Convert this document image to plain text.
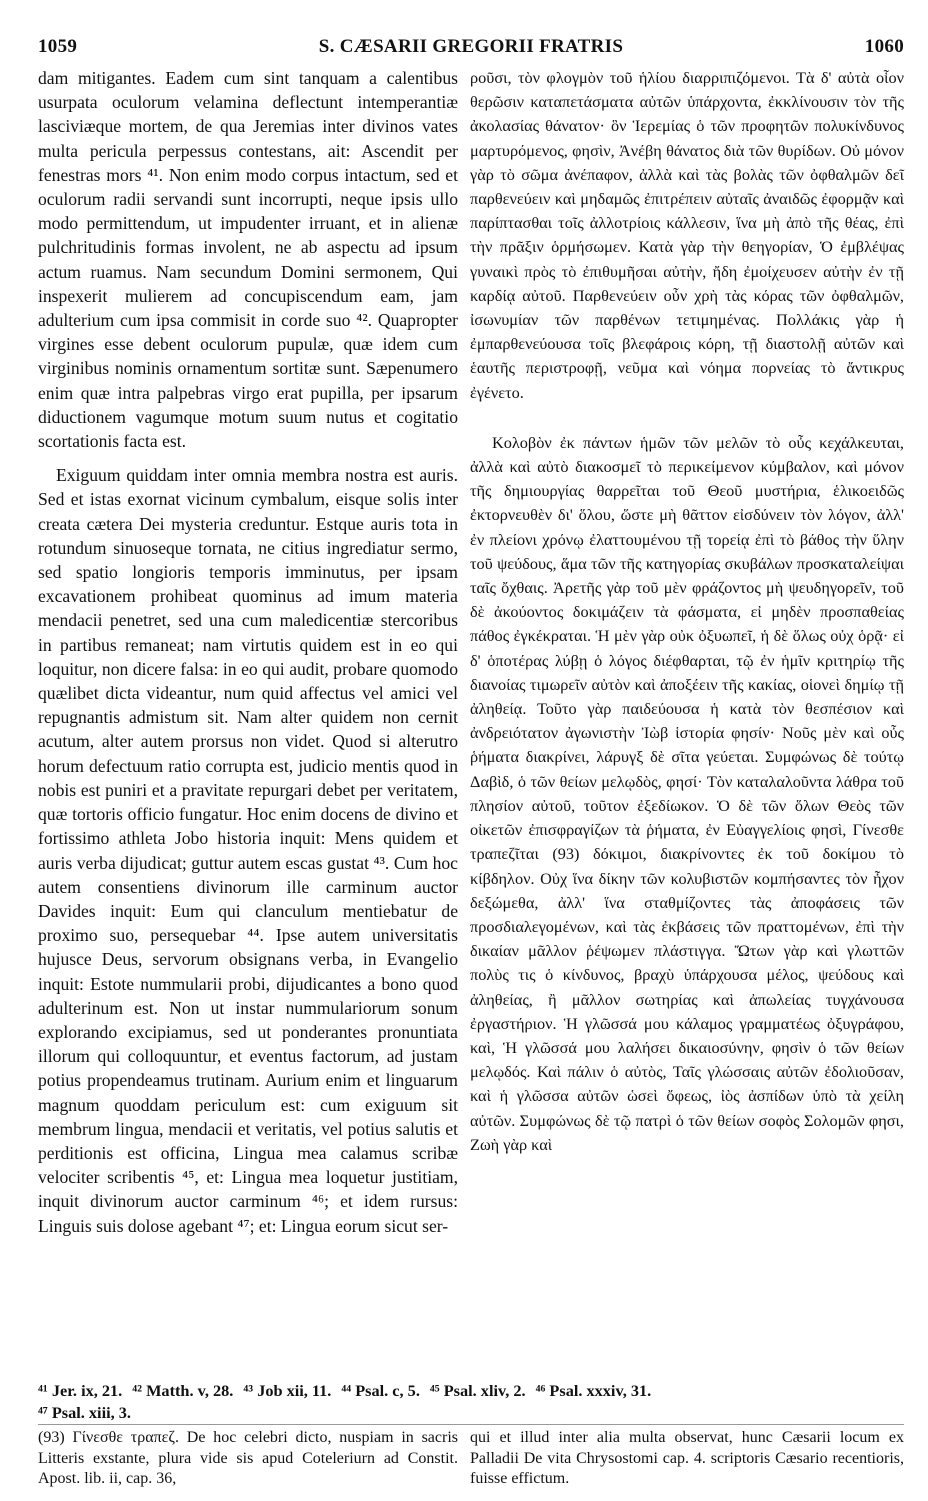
1059	S. CÆSARII GREGORII FRATRIS	1060

dam mitigantes. Eadem cum sint tanquam a calentibus usurpata oculorum velamina deflectunt intemperantiæ lasciviæque mortem, de qua Jeremias inter divinos vates multa pericula perpessus contestans, ait: Ascendit per fenestras mors ⁴¹. Non enim modo corpus intactum, sed et oculorum radii servandi sunt incorrupti, neque ipsis ullo modo permittendum, ut impudenter irruant, et in alienæ pulchritudinis formas involent, ne ab aspectu ad ipsum actum ruamus. Nam secundum Domini sermonem, Qui inspexerit mulierem ad concupiscendum eam, jam adulterium cum ipsa commisit in corde suo ⁴². Quapropter virgines esse debent oculorum pupulæ, quæ idem cum virginibus nominis ornamentum sortitæ sunt. Sæpenumero enim quæ intra palpebras virgo erat pupilla, per ipsarum diductionem vagumque motum suum nutus et cogitatio scortationis facta est.

Exiguum quiddam inter omnia membra nostra est auris. Sed et istas exornat vicinum cymbalum, eisque solis inter creata cætera Dei mysteria creduntur. Estque auris tota in rotundum sinuoseque tornata, ne citius ingrediatur sermo, sed spatio longioris temporis imminutus, per ipsam excavationem prohibeat quominus ad imum materia mendacii penetret, sed una cum maledicentiæ stercoribus in partibus remaneat; nam virtutis quidem est in eo qui loquitur, non dicere falsa: in eo qui audit, probare quomodo quælibet dicta videantur, num quid affectus vel amici vel repugnantis admistum sit. Nam alter quidem non cernit acutum, alter autem prorsus non videt. Quod si alterutro horum defectuum ratio corrupta est, judicio mentis quod in nobis est puniri et a pravitate repurgari debet per veritatem, quæ tortoris officio fungatur. Hoc enim docens de divino et fortissimo athleta Jobo historia inquit: Mens quidem et auris verba dijudicat; guttur autem escas gustat ⁴³. Cum hoc autem consentiens divinorum ille carminum auctor Davides inquit: Eum qui clanculum mentiebatur de proximo suo, persequebar ⁴⁴. Ipse autem universitatis hujusce Deus, servorum obsignans verba, in Evangelio inquit: Estote nummularii probi, dijudicantes a bono quod adulterinum est. Non ut instar nummulariorum sonum explorando excipiamus, sed ut ponderantes pronuntiata illorum qui colloquuntur, et eventus factorum, ad justam potius propendeamus trutinam. Aurium enim et linguarum magnum quoddam periculum est: cum exiguum sit membrum lingua, mendacii et veritatis, vel potius salutis et perditionis est officina, Lingua mea calamus scribæ velociter scribentis ⁴⁵, et: Lingua mea loquetur justitiam, inquit divinorum auctor carminum ⁴⁶; et idem rursus: Linguis suis dolose agebant ⁴⁷; et: Lingua eorum sicut ser-

ροῦσι, τὸν φλογμὸν τοῦ ἡλίου διαρριπιζόμενοι. Τὰ δ' αὐτὰ οἷον θερῶσιν καταπετάσματα αὐτῶν ὑπάρχοντα, ἐκκλίνουσιν τὸν τῆς ἀκολασίας θάνατον· ὃν Ἱερεμίας ὁ τῶν προφητῶν πολυκίνδυνος μαρτυρόμενος, φησὶν, Ἀνέβη θάνατος διὰ τῶν θυρίδων. Οὐ μόνον γὰρ τὸ σῶμα ἀνέπαφον, ἀλλὰ καὶ τὰς βολὰς τῶν ὀφθαλμῶν δεῖ παρθενεύειν καὶ μηδαμῶς ἐπιτρέπειν αὐταῖς ἀναιδῶς ἐφορμᾷν καὶ παρίπτασθαι τοῖς ἀλλοτρίοις κάλλεσιν, ἵνα μὴ ἀπὸ τῆς θέας, ἐπὶ τὴν πρᾶξιν ὁρμήσωμεν. Κατὰ γὰρ τὴν θεηγορίαν, Ὁ ἐμβλέψας γυναικὶ πρὸς τὸ ἐπιθυμῆσαι αὐτὴν, ἤδη ἐμοίχευσεν αὐτὴν ἐν τῇ καρδίᾳ αὐτοῦ. Παρθενεύειν οὖν χρὴ τὰς κόρας τῶν ὀφθαλμῶν, ἰσωνυμίαν τῶν παρθένων τετιμημένας. Πολλάκις γὰρ ἡ ἐμπαρθενεύουσα τοῖς βλεφάροις κόρη, τῇ διαστολῇ αὐτῶν καὶ ἑαυτῆς περιστροφῇ, νεῦμα καὶ νόημα πορνείας τὸ ἄντικρυς ἐγένετο.

Κολοβὸν ἐκ πάντων ἡμῶν τῶν μελῶν τὸ οὖς κεχάλκευται, ἀλλὰ καὶ αὐτὸ διακοσμεῖ τὸ περικείμενον κύμβαλον, καὶ μόνον τῆς δημιουργίας θαρρεῖται τοῦ Θεοῦ μυστήρια, ἑλικοειδῶς ἐκτορνευθὲν δι' ὅλου, ὥστε μὴ θᾶττον εἰσδύνειν τὸν λόγον, ἀλλ' ἐν πλείονι χρόνῳ ἐλαττουμένου τῇ τορείᾳ ἐπὶ τὸ βάθος τὴν ὕλην τοῦ ψεύδους, ἅμα τῶν τῆς κατηγορίας σκυβάλων προσκαταλείψαι ταῖς ὄχθαις. Ἀρετῆς γὰρ τοῦ μὲν φράζοντος μὴ ψευδηγορεῖν, τοῦ δὲ ἀκούοντος δοκιμάζειν τὰ φάσματα, εἰ μηδὲν προσπαθείας πάθος ἐγκέκραται. Ἡ μὲν γὰρ οὐκ ὀξυωπεῖ, ἡ δὲ ὅλως οὐχ ὁρᾷ· εἰ δ' ὁποτέρας λύβῃ ὁ λόγος διέφθαρται, τῷ ἐν ἡμῖν κριτηρίῳ τῆς διανοίας τιμωρεῖν αὐτὸν καὶ ἀποξέειν τῆς κακίας, οἱονεὶ δημίῳ τῇ ἀληθείᾳ. Τοῦτο γὰρ παιδεύουσα ἡ κατὰ τὸν θεσπέσιον καὶ ἀνδρειότατον ἀγωνιστὴν Ἰὼβ ἱστορία φησίν· Νοῦς μὲν καὶ οὖς ῥήματα διακρίνει, λάρυγξ δὲ σῖτα γεύεται. Συμφώνως δὲ τούτῳ Δαβὶδ, ὁ τῶν θείων μελῳδὸς, φησί· Τὸν καταλαλοῦντα λάθρα τοῦ πλησίον αὐτοῦ, τοῦτον ἐξεδίωκον. Ὁ δὲ τῶν ὅλων Θεὸς τῶν οἰκετῶν ἐπισφραγίζων τὰ ῥήματα, ἐν Εὐαγγελίοις φησὶ, Γίνεσθε τραπεζῖται (93) δόκιμοι, διακρίνοντες ἐκ τοῦ δοκίμου τὸ κίβδηλον. Οὐχ ἵνα δίκην τῶν κολυβιστῶν κομπήσαντες τὸν ἦχον δεξώμεθα, ἀλλ' ἵνα σταθμίζοντες τὰς ἀποφάσεις τῶν προσδιαλεγομένων, καὶ τὰς ἐκβάσεις τῶν πραττομένων, ἐπὶ τὴν δικαίαν μᾶλλον ῥέψωμεν πλάστιγγα. Ὤτων γὰρ καὶ γλωττῶν πολὺς τις ὁ κίνδυνος, βραχὺ ὑπάρχουσα μέλος, ψεύδους καὶ ἀληθείας, ἢ μᾶλλον σωτηρίας καὶ ἀπωλείας τυγχάνουσα ἐργαστήριον. Ἡ γλῶσσά μου κάλαμος γραμματέως ὀξυγράφου, καὶ, Ἡ γλῶσσά μου λαλήσει δικαιοσύνην, φησὶν ὁ τῶν θείων μελῳδός. Καὶ πάλιν ὁ αὐτὸς, Ταῖς γλώσσαις αὐτῶν ἐδολιοῦσαν, καὶ ἡ γλῶσσα αὐτῶν ὡσεὶ ὄφεως, ἰὸς ἀσπίδων ὑπὸ τὰ χείλη αὐτῶν. Συμφώνως δὲ τῷ πατρὶ ὁ τῶν θείων σοφὸς Σολομῶν φησι, Ζωὴ γὰρ καὶ

⁴¹ Jer. ix, 21. ⁴² Matth. v, 28. ⁴³ Job xii, 11. ⁴⁴ Psal. c, 5. ⁴⁵ Psal. xliv, 2. ⁴⁶ Psal. xxxiv, 31.
⁴⁷ Psal. xiii, 3.
(93) Γίνεσθε τραπεζ. De hoc celebri dicto, nuspiam in sacris Litteris exstante, plura vide sis apud Coteleriurn ad Constit. Apost. lib. ii, cap. 36,
qui et illud inter alia multa observat, hunc Cæsarii locum ex Palladii De vita Chrysostomi cap. 4. scriptoris Cæsario recentioris, fuisse effictum.
